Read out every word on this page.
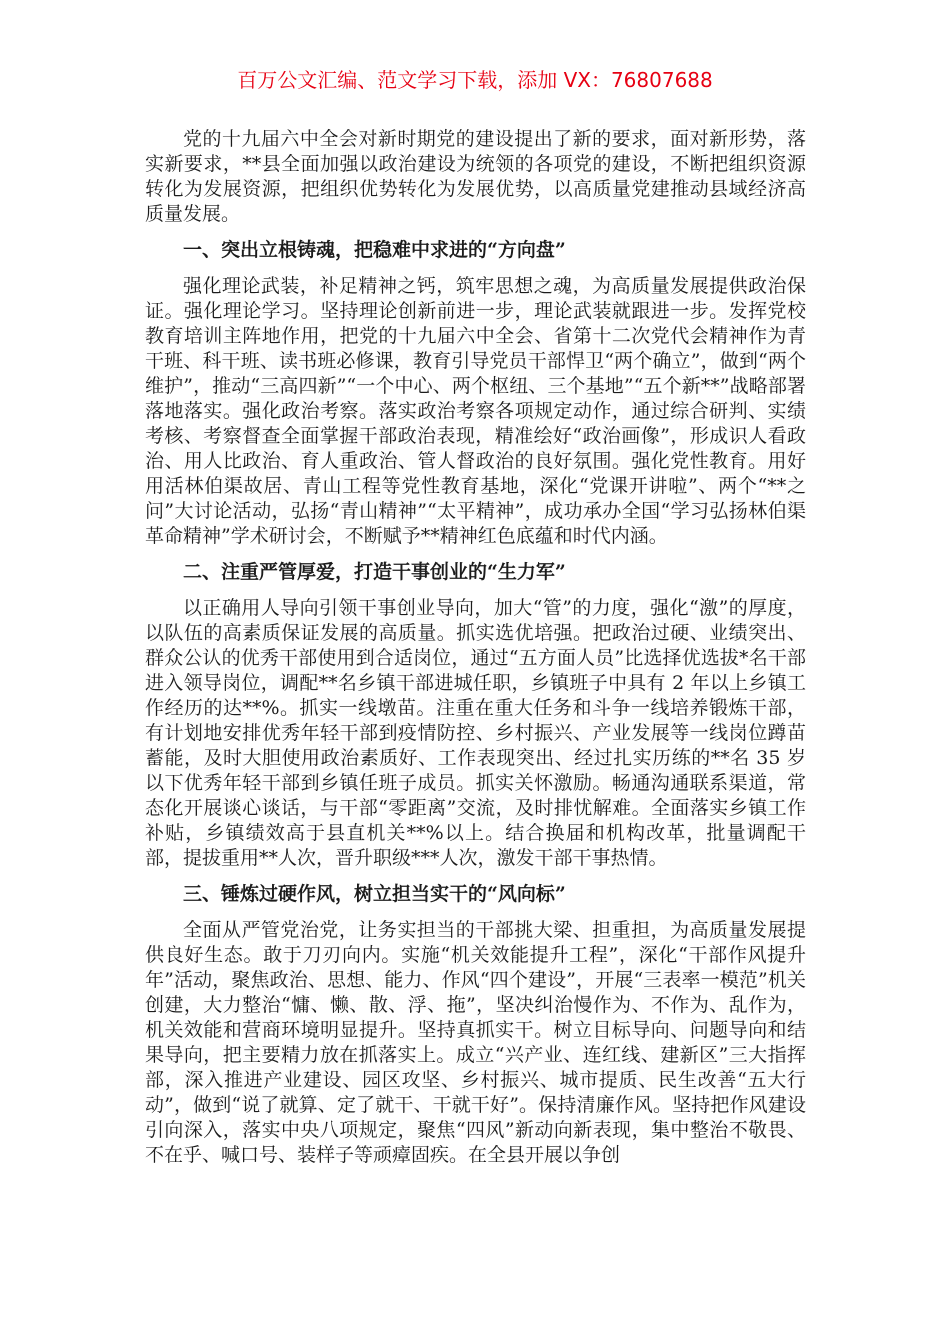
百万公文汇编、范文学习下载，添加 VX：76807688

党的十九届六中全会对新时期党的建设提出了新的要求，面对新形势，落实新要求，**县全面加强以政治建设为统领的各项党的建设，不断把组织资源转化为发展资源，把组织优势转化为发展优势，以高质量党建推动县域经济高质量发展。

一、突出立根铸魂，把稳难中求进的“方向盘”

强化理论武装，补足精神之钙，筑牢思想之魂，为高质量发展提供政治保证。强化理论学习。坚持理论创新前进一步，理论武装就跟进一步。发挥党校教育培训主阵地作用，把党的十九届六中全会、省第十二次党代会精神作为青干班、科干班、读书班必修课，教育引导党员干部悍卫“两个确立”，做到“两个维护”，推动“三高四新”“一个中心、两个枢纽、三个基地”“五个新**”战略部署落地落实。强化政治考察。落实政治考察各项规定动作，通过综合研判、实绩考核、考察督查全面掌握干部政治表现，精准绘好“政治画像”，形成识人看政治、用人比政治、育人重政治、管人督政治的良好氛围。强化党性教育。用好用活林伯渠故居、青山工程等党性教育基地，深化“党课开讲啦”、两个“**之问”大讨论活动，弘扬“青山精神”“太平精神”，成功承办全国“学习弘扬林伯渠革命精神”学术研讨会，不断赋予**精神红色底蕴和时代内涵。

二、注重严管厚爱，打造干事创业的“生力军”

以正确用人导向引领干事创业导向，加大“管”的力度，强化“激”的厚度，以队伍的高素质保证发展的高质量。抓实选优培强。把政治过硬、业绩突出、群众公认的优秀干部使用到合适岗位，通过“五方面人员”比选择优选拔*名干部进入领导岗位，调配**名乡镇干部进城任职，乡镇班子中具有 2 年以上乡镇工作经历的达**%。抓实一线墩苗。注重在重大任务和斗争一线培养锻炼干部，有计划地安排优秀年轻干部到疫情防控、乡村振兴、产业发展等一线岗位蹲苗蓄能，及时大胆使用政治素质好、工作表现突出、经过扎实历练的**名 35 岁以下优秀年轻干部到乡镇任班子成员。抓实关怀激励。畅通沟通联系渠道，常态化开展谈心谈话，与干部“零距离”交流，及时排忧解难。全面落实乡镇工作补贴，乡镇绩效高于县直机关**%以上。结合换届和机构改革，批量调配干部，提拔重用**人次，晋升职级***人次，激发干部干事热情。

三、锤炼过硬作风，树立担当实干的“风向标”

全面从严管党治党，让务实担当的干部挑大梁、担重担，为高质量发展提供良好生态。敢于刀刃向内。实施“机关效能提升工程”，深化“干部作风提升年”活动，聚焦政治、思想、能力、作风“四个建设”，开展“三表率一模范”机关创建，大力整治“慵、懒、散、浮、拖”，坚决纠治慢作为、不作为、乱作为，机关效能和营商环境明显提升。坚持真抓实干。树立目标导向、问题导向和结果导向，把主要精力放在抓落实上。成立“兴产业、连红线、建新区”三大指挥部，深入推进产业建设、园区攻坚、乡村振兴、城市提质、民生改善“五大行动”，做到“说了就算、定了就干、干就干好”。保持清廉作风。坚持把作风建设引向深入，落实中央八项规定，聚焦“四风”新动向新表现，集中整治不敬畏、不在乎、喊口号、装样子等顽瘴固疾。在全县开展以争创
